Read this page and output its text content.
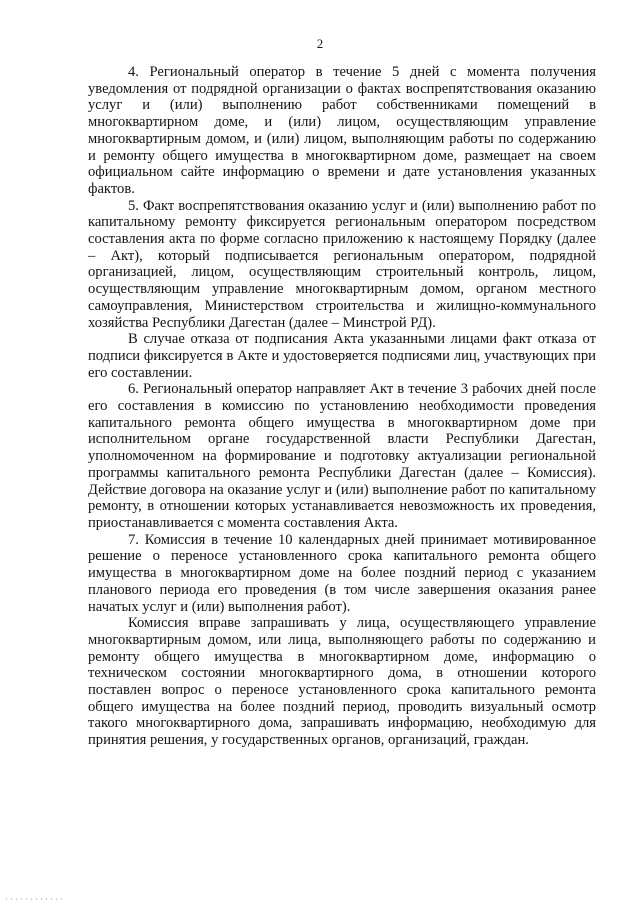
2

4. Региональный оператор в течение 5 дней с момента получения уведомления от подрядной организации о фактах воспрепятствования оказанию услуг и (или) выполнению работ собственниками помещений в многоквартирном доме, и (или) лицом, осуществляющим управление многоквартирным домом, и (или) лицом, выполняющим работы по содержанию и ремонту общего имущества в многоквартирном доме, размещает на своем официальном сайте информацию о времени и дате установления указанных фактов.

5. Факт воспрепятствования оказанию услуг и (или) выполнению работ по капитальному ремонту фиксируется региональным оператором посредством составления акта по форме согласно приложению к настоящему Порядку (далее – Акт), который подписывается региональным оператором, подрядной организацией, лицом, осуществляющим строительный контроль, лицом, осуществляющим управление многоквартирным домом, органом местного самоуправления, Министерством строительства и жилищно-коммунального хозяйства Республики Дагестан (далее – Минстрой РД).

В случае отказа от подписания Акта указанными лицами факт отказа от подписи фиксируется в Акте и удостоверяется подписями лиц, участвующих при его составлении.

6. Региональный оператор направляет Акт в течение 3 рабочих дней после его составления в комиссию по установлению необходимости проведения капитального ремонта общего имущества в многоквартирном доме при исполнительном органе государственной власти Республики Дагестан, уполномоченном на формирование и подготовку актуализации региональной программы капитального ремонта Республики Дагестан (далее – Комиссия). Действие договора на оказание услуг и (или) выполнение работ по капитальному ремонту, в отношении которых устанавливается невозможность их проведения, приостанавливается с момента составления Акта.

7. Комиссия в течение 10 календарных дней принимает мотивированное решение о переносе установленного срока капитального ремонта общего имущества в многоквартирном доме на более поздний период с указанием планового периода его проведения (в том числе завершения оказания ранее начатых услуг и (или) выполнения работ).

Комиссия вправе запрашивать у лица, осуществляющего управление многоквартирным домом, или лица, выполняющего работы по содержанию и ремонту общего имущества в многоквартирном доме, информацию о техническом состоянии многоквартирного дома, в отношении которого поставлен вопрос о переносе установленного срока капитального ремонта общего имущества на более поздний период, проводить визуальный осмотр такого многоквартирного дома, запрашивать информацию, необходимую для принятия решения, у государственных органов, организаций, граждан.
